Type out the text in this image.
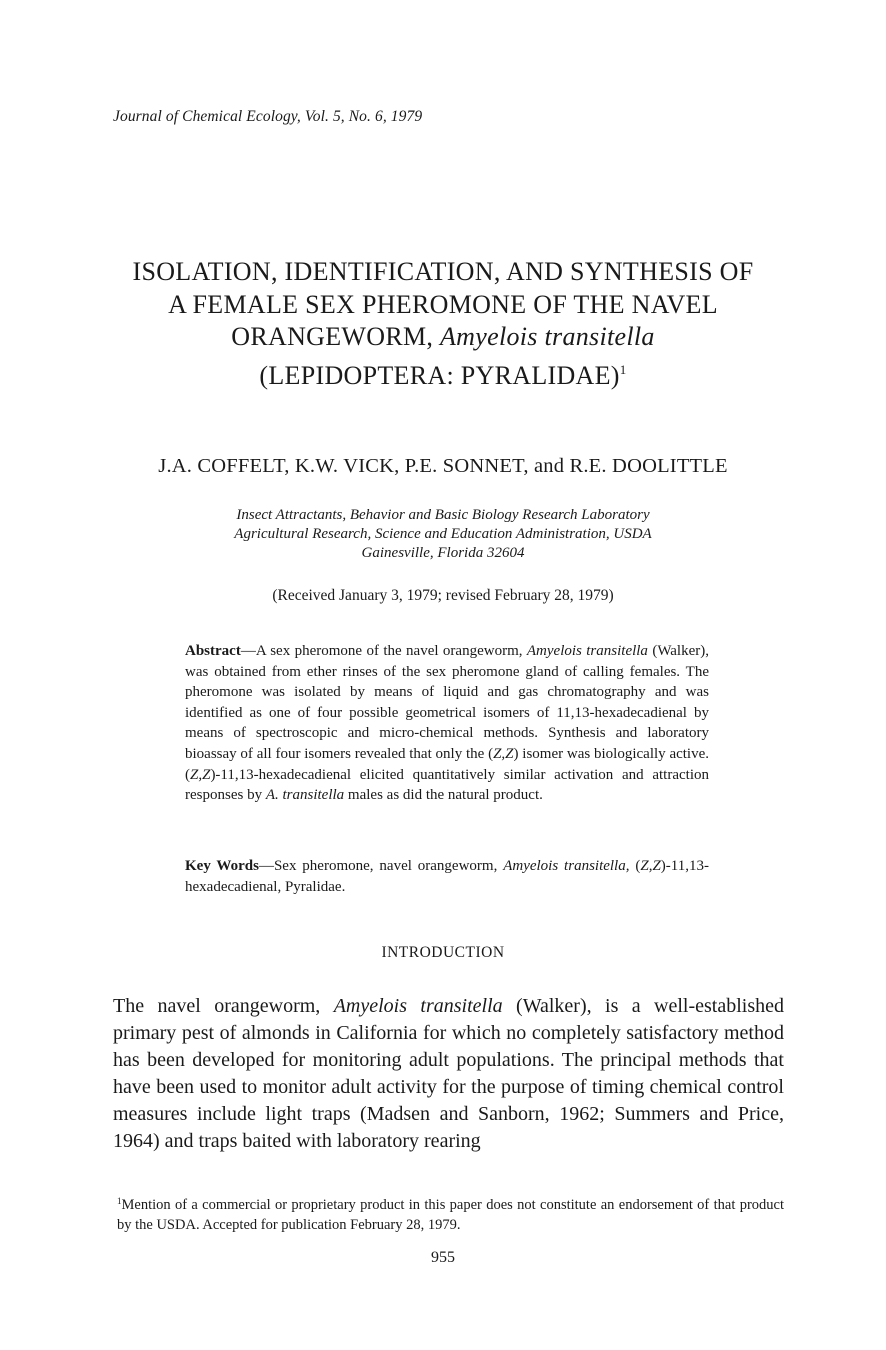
Journal of Chemical Ecology, Vol. 5, No. 6, 1979
ISOLATION, IDENTIFICATION, AND SYNTHESIS OF
A FEMALE SEX PHEROMONE OF THE NAVEL
ORANGEWORM, Amyelois transitella
(LEPIDOPTERA: PYRALIDAE)$^1$
J.A. COFFELT, K.W. VICK, P.E. SONNET, and R.E. DOOLITTLE
Insect Attractants, Behavior and Basic Biology Research Laboratory
Agricultural Research, Science and Education Administration, USDA
Gainesville, Florida 32604
(Received January 3, 1979; revised February 28, 1979)
Abstract—A sex pheromone of the navel orangeworm, Amyelois transitella (Walker), was obtained from ether rinses of the sex pheromone gland of calling females. The pheromone was isolated by means of liquid and gas chromatography and was identified as one of four possible geometrical isomers of 11,13-hexadecadienal by means of spectroscopic and micro-chemical methods. Synthesis and laboratory bioassay of all four isomers revealed that only the (Z,Z) isomer was biologically active. (Z,Z)-11,13-hexadecadienal elicited quantitatively similar activation and attraction responses by A. transitella males as did the natural product.
Key Words—Sex pheromone, navel orangeworm, Amyelois transitella, (Z,Z)-11,13-hexadecadienal, Pyralidae.
INTRODUCTION
The navel orangeworm, Amyelois transitella (Walker), is a well-established primary pest of almonds in California for which no completely satisfactory method has been developed for monitoring adult populations. The principal methods that have been used to monitor adult activity for the purpose of timing chemical control measures include light traps (Madsen and Sanborn, 1962; Summers and Price, 1964) and traps baited with laboratory rearing
$^1$Mention of a commercial or proprietary product in this paper does not constitute an endorsement of that product by the USDA. Accepted for publication February 28, 1979.
955
